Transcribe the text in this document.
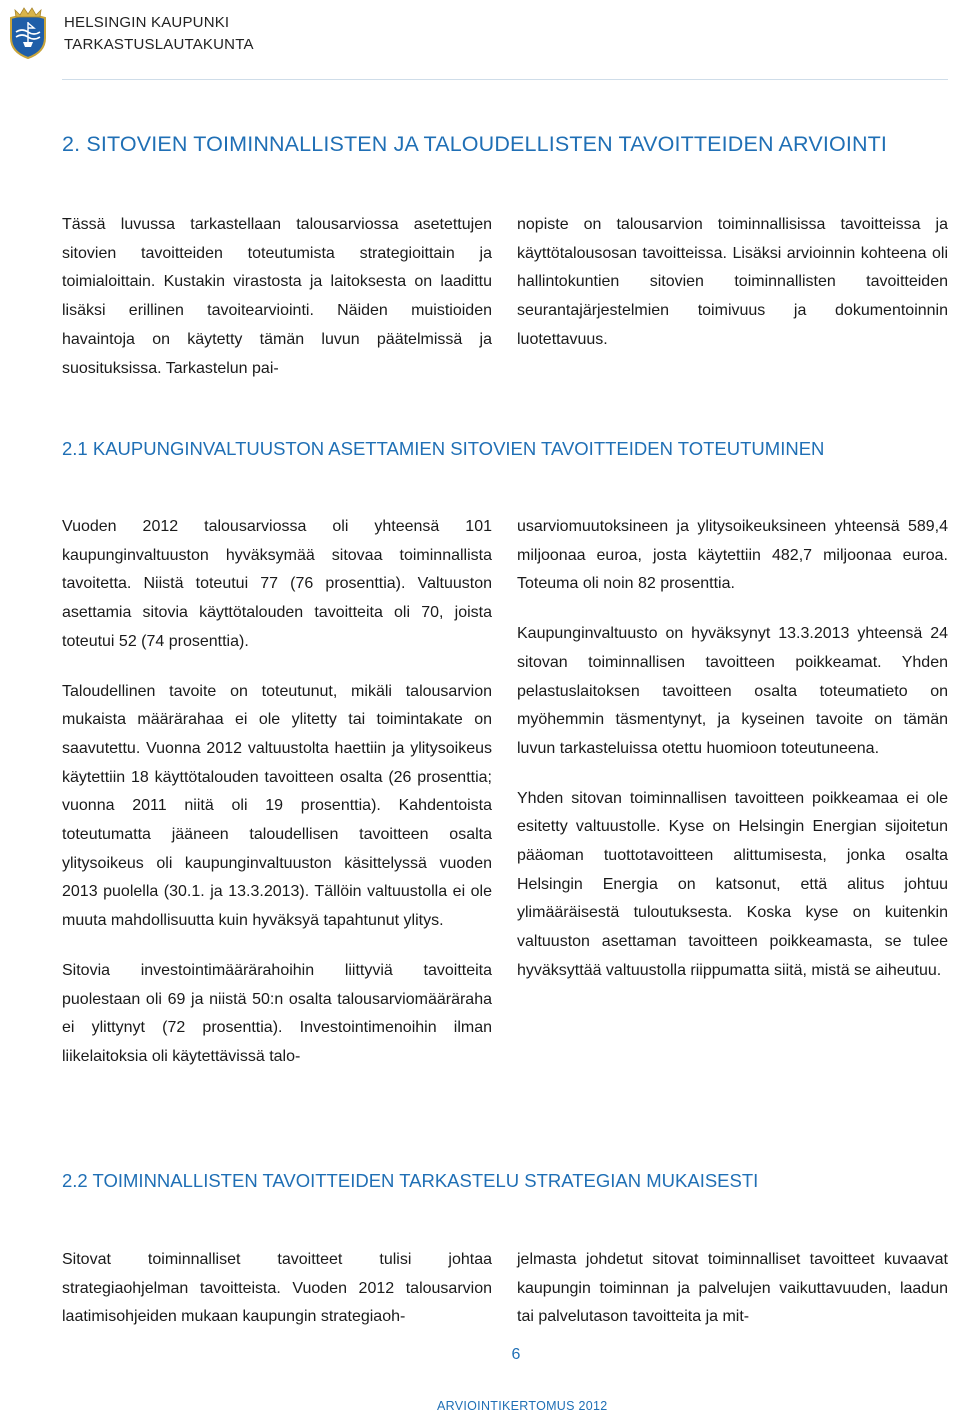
HELSINGIN KAUPUNKI
TARKASTUSLAUTAKUNTA
2. SITOVIEN TOIMINNALLISTEN JA TALOUDELLISTEN TAVOITTEIDEN ARVIOINTI

Tässä luvussa tarkastellaan talousarviossa asetettujen sitovien tavoitteiden toteutumista strategioittain ja toimialoittain. Kustakin virastosta ja laitoksesta on laadittu lisäksi erillinen tavoitearviointi. Näiden muistioiden havaintoja on käytetty tämän luvun päätelmissä ja suosituksissa. Tarkastelun pai-

nopiste on talousarvion toiminnallisissa tavoitteissa ja käyttötalousosan tavoitteissa. Lisäksi arvioinnin kohteena oli hallintokuntien sitovien toiminnallisten tavoitteiden seurantajärjestelmien toimivuus ja dokumentoinnin luotettavuus.

2.1 KAUPUNGINVALTUUSTON ASETTAMIEN SITOVIEN TAVOITTEIDEN TOTEUTUMINEN

Vuoden 2012 talousarviossa oli yhteensä 101 kaupunginvaltuuston hyväksymää sitovaa toiminnallista tavoitetta. Niistä toteutui 77 (76 prosenttia). Valtuuston asettamia sitovia käyttötalouden tavoitteita oli 70, joista toteutui 52 (74 prosenttia).

Taloudellinen tavoite on toteutunut, mikäli talousarvion mukaista määrärahaa ei ole ylitetty tai toimintakate on saavutettu. Vuonna 2012 valtuustolta haettiin ja ylitysoikeus käytettiin 18 käyttötalouden tavoitteen osalta (26 prosenttia; vuonna 2011 niitä oli 19 prosenttia). Kahdentoista toteutumatta jääneen taloudellisen tavoitteen osalta ylitysoikeus oli kaupunginvaltuuston käsittelyssä vuoden 2013 puolella (30.1. ja 13.3.2013). Tällöin valtuustolla ei ole muuta mahdollisuutta kuin hyväksyä tapahtunut ylitys.

Sitovia investointimäärärahoihin liittyviä tavoitteita puolestaan oli 69 ja niistä 50:n osalta talousarviomääräraha ei ylittynyt (72 prosenttia). Investointimenoihin ilman liikelaitoksia oli käytettävissä talo-

usarviomuutoksineen ja ylitysoikeuksineen yhteensä 589,4 miljoonaa euroa, josta käytettiin 482,7 miljoonaa euroa. Toteuma oli noin 82 prosenttia.

Kaupunginvaltuusto on hyväksynyt 13.3.2013 yhteensä 24 sitovan toiminnallisen tavoitteen poikkeamat. Yhden pelastuslaitoksen tavoitteen osalta toteumatieto on myöhemmin täsmentynyt, ja kyseinen tavoite on tämän luvun tarkasteluissa otettu huomioon toteutuneena.

Yhden sitovan toiminnallisen tavoitteen poikkeamaa ei ole esitetty valtuustolle. Kyse on Helsingin Energian sijoitetun pääoman tuottotavoitteen alittumisesta, jonka osalta Helsingin Energia on katsonut, että alitus johtuu ylimääräisestä tuloutuksesta. Koska kyse on kuitenkin valtuuston asettaman tavoitteen poikkeamasta, se tulee hyväksyttää valtuustolla riippumatta siitä, mistä se aiheutuu.

2.2 TOIMINNALLISTEN TAVOITTEIDEN TARKASTELU STRATEGIAN MUKAISESTI

Sitovat toiminnalliset tavoitteet tulisi johtaa strategiaohjelman tavoitteista. Vuoden 2012 talousarvion laatimisohjeiden mukaan kaupungin strategiaoh-

jelmasta johdetut sitovat toiminnalliset tavoitteet kuvaavat kaupungin toiminnan ja palvelujen vaikuttavuuden, laadun tai palvelutason tavoitteita ja mit-

6
ARVIOINTIKERTOMUS 2012
